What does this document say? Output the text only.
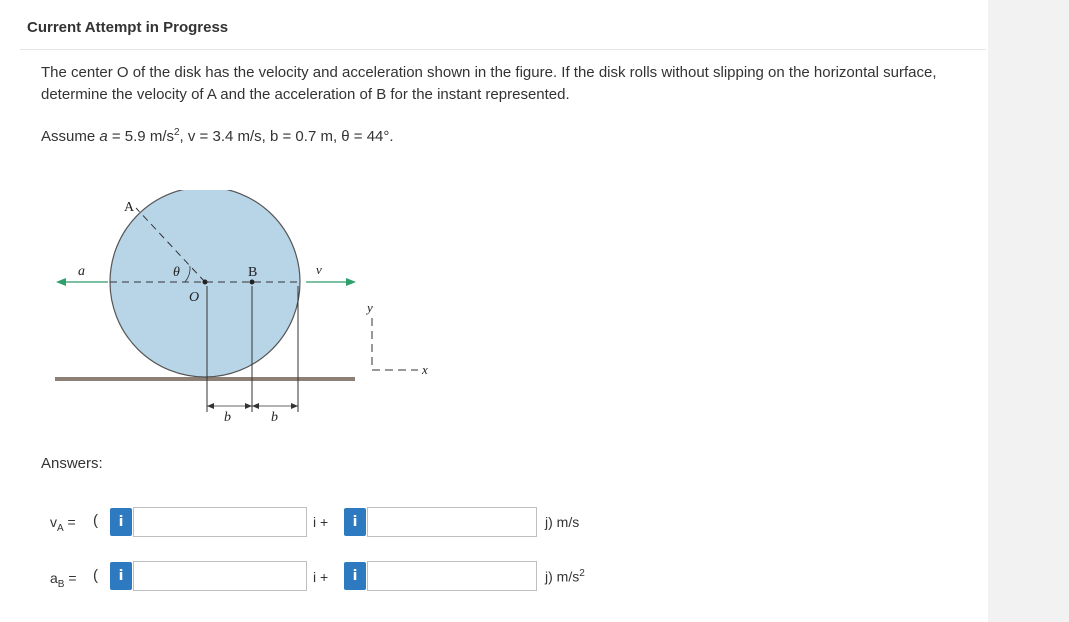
Current Attempt in Progress
The center O of the disk has the velocity and acceleration shown in the figure. If the disk rolls without slipping on the horizontal surface, determine the velocity of A and the acceleration of B for the instant represented.
Assume a = 5.9 $m/s^2$, v = 3.4 m/s, b = 0.7 m, θ = 44°.
A
B
O
θ
a	v
b	b
y
x
Answers:
$v_A$ = (	i	i +	i	j) m/s
$a_B$ = (	i	i +	i	j) $m/s^2$
